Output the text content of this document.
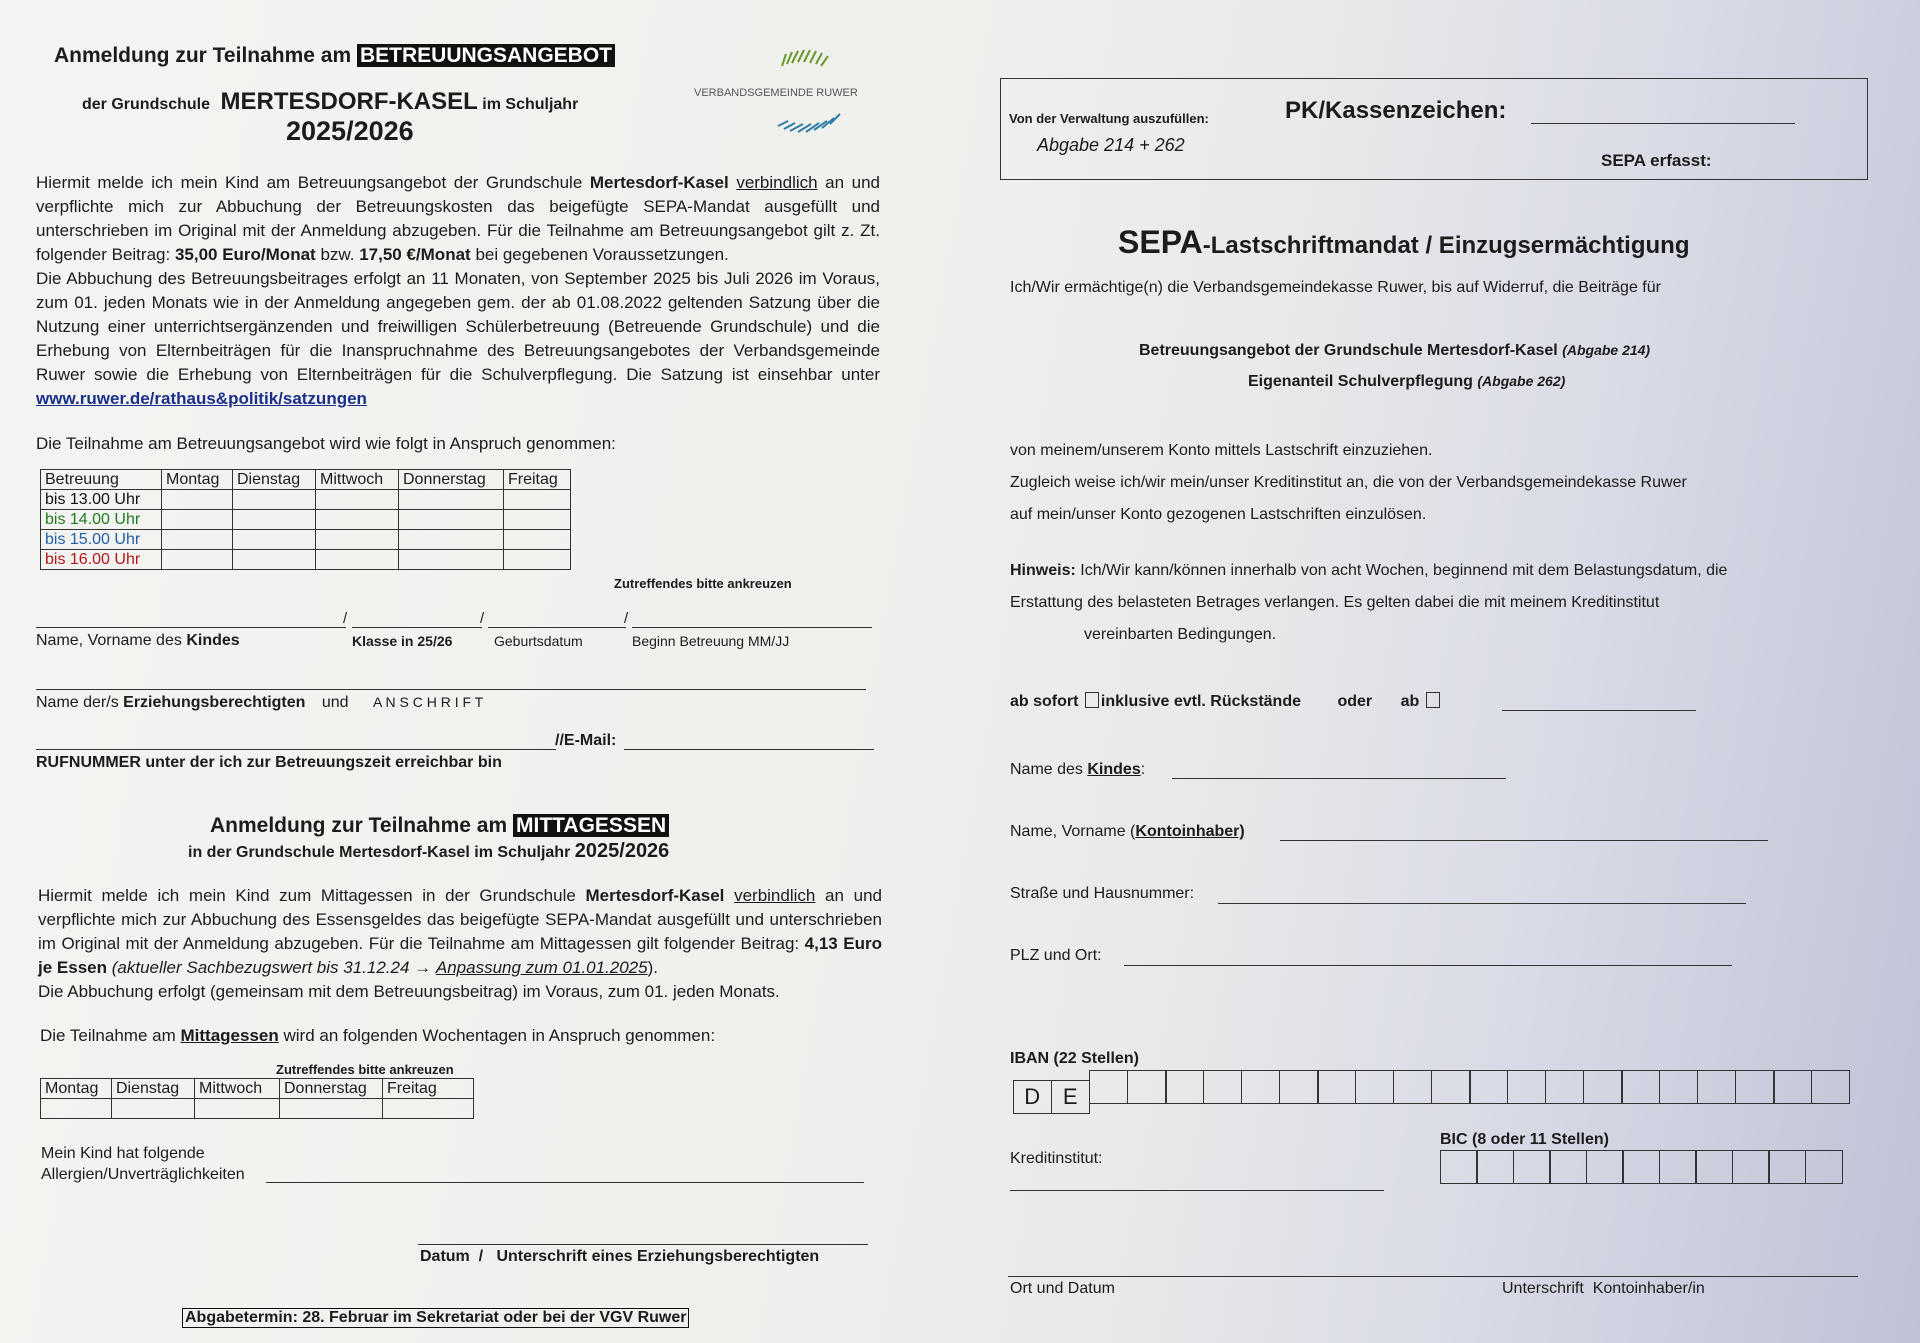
Anmeldung zur Teilnahme am BETREUUNGSANGEBOT
der Grundschule MERTESDORF-KASEL im Schuljahr
2025/2026
VERBANDSGEMEINDE RUWER
Hiermit melde ich mein Kind am Betreuungsangebot der Grundschule Mertesdorf-Kasel verbindlich an und verpflichte mich zur Abbuchung der Betreuungskosten das beigefügte SEPA-Mandat ausgefüllt und unterschrieben im Original mit der Anmeldung abzugeben. Für die Teilnahme am Betreuungsangebot gilt z. Zt. folgender Beitrag: 35,00 Euro/Monat bzw. 17,50 €/Monat bei gegebenen Voraussetzungen.
Die Abbuchung des Betreuungsbeitrages erfolgt an 11 Monaten, von September 2025 bis Juli 2026 im Voraus, zum 01. jeden Monats wie in der Anmeldung angegeben gem. der ab 01.08.2022 geltenden Satzung über die Nutzung einer unterrichtsergänzenden und freiwilligen Schülerbetreuung (Betreuende Grundschule) und die Erhebung von Elternbeiträgen für die Inanspruchnahme des Betreuungsangebotes der Verbandsgemeinde Ruwer sowie die Erhebung von Elternbeiträgen für die Schulverpflegung. Die Satzung ist einsehbar unter www.ruwer.de/rathaus&politik/satzungen
Die Teilnahme am Betreuungsangebot wird wie folgt in Anspruch genommen:
Betreuung	Montag	Dienstag	Mittwoch	Donnerstag	Freitag
bis 13.00 Uhr					
bis 14.00 Uhr					
bis 15.00 Uhr					
bis 16.00 Uhr					
Zutreffendes bitte ankreuzen
/	/	/
Name, Vorname des Kindes	Klasse in 25/26	Geburtsdatum	Beginn Betreuung MM/JJ
Name der/s Erziehungsberechtigten und A N S C H R I F T
//E-Mail:
RUFNUMMER unter der ich zur Betreuungszeit erreichbar bin
Anmeldung zur Teilnahme am MITTAGESSEN
in der Grundschule Mertesdorf-Kasel im Schuljahr 2025/2026
Hiermit melde ich mein Kind zum Mittagessen in der Grundschule Mertesdorf-Kasel verbindlich an und verpflichte mich zur Abbuchung des Essensgeldes das beigefügte SEPA-Mandat ausgefüllt und unterschrieben im Original mit der Anmeldung abzugeben. Für die Teilnahme am Mittagessen gilt folgender Beitrag: 4,13 Euro je Essen (aktueller Sachbezugswert bis 31.12.24 → Anpassung zum 01.01.2025).
Die Abbuchung erfolgt (gemeinsam mit dem Betreuungsbeitrag) im Voraus, zum 01. jeden Monats.
Die Teilnahme am Mittagessen wird an folgenden Wochentagen in Anspruch genommen:
Zutreffendes bitte ankreuzen
Montag	Dienstag	Mittwoch	Donnerstag	Freitag

Mein Kind hat folgende
Allergien/Unverträglichkeiten
Datum  /   Unterschrift eines Erziehungsberechtigten
Abgabetermin: 28. Februar im Sekretariat oder bei der VGV Ruwer
Von der Verwaltung auszufüllen:
Abgabe 214 + 262
PK/Kassenzeichen:
SEPA erfasst:
SEPA-Lastschriftmandat / Einzugsermächtigung
Ich/Wir ermächtige(n) die Verbandsgemeindekasse Ruwer, bis auf Widerruf, die Beiträge für
Betreuungsangebot der Grundschule Mertesdorf-Kasel (Abgabe 214)
Eigenanteil Schulverpflegung (Abgabe 262)
von meinem/unserem Konto mittels Lastschrift einzuziehen.
Zugleich weise ich/wir mein/unser Kreditinstitut an, die von der Verbandsgemeindekasse Ruwer
auf mein/unser Konto gezogenen Lastschriften einzulösen.
Hinweis: Ich/Wir kann/können innerhalb von acht Wochen, beginnend mit dem Belastungsdatum, die
Erstattung des belasteten Betrages verlangen. Es gelten dabei die mit meinem Kreditinstitut
vereinbarten Bedingungen.
ab sofort inklusive evtl. Rückstände oder ab
Name des Kindes:
Name, Vorname (Kontoinhaber)
Straße und Hausnummer:
PLZ und Ort:
IBAN (22 Stellen)
D E
BIC (8 oder 11 Stellen)
Kreditinstitut:
Ort und Datum	Unterschrift  Kontoinhaber/in
